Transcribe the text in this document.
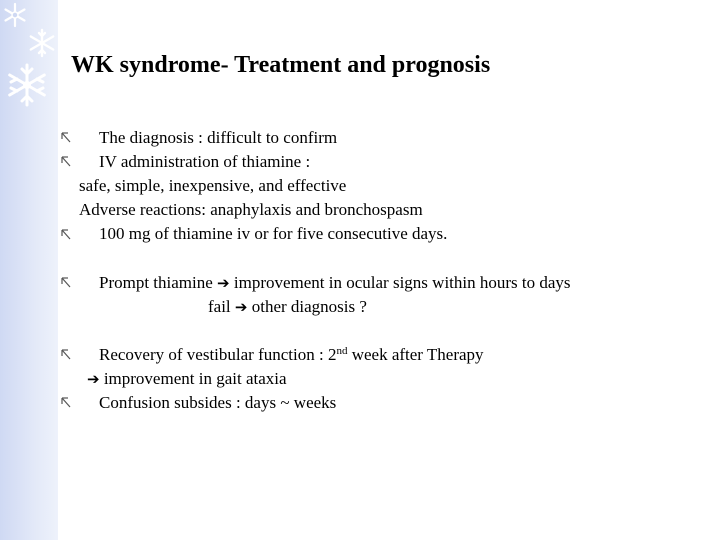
WK syndrome- Treatment and prognosis
The diagnosis : difficult to confirm
IV administration of thiamine :
safe, simple, inexpensive, and effective
Adverse reactions: anaphylaxis and bronchospasm
100 mg of thiamine iv or for five consecutive days.
Prompt thiamine ➔ improvement in ocular signs within hours to days
fail ➔ other diagnosis ?
Recovery of vestibular function : 2nd week after Therapy
➔ improvement in gait ataxia
Confusion subsides : days ~ weeks
